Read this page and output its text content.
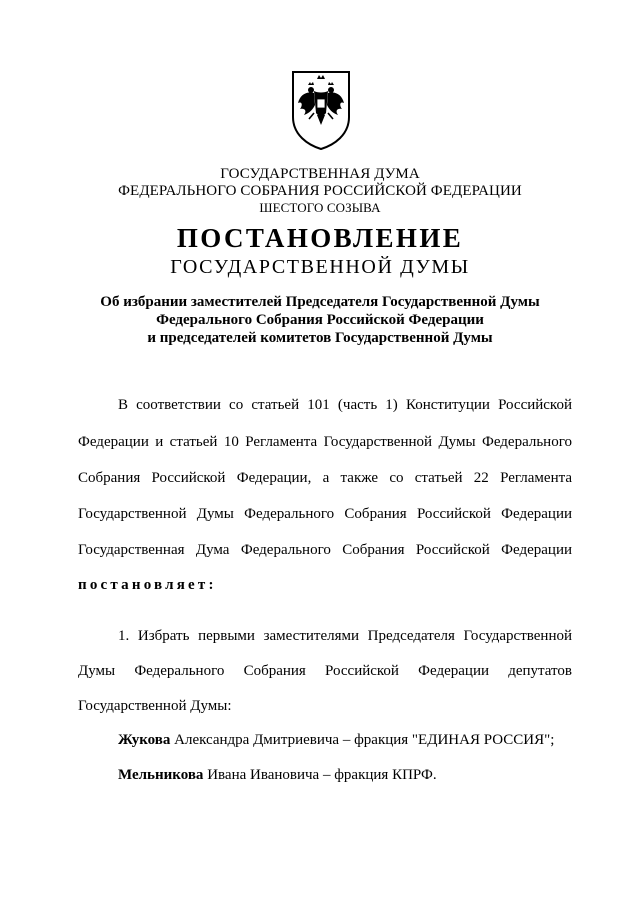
ГОСУДАРСТВЕННАЯ ДУМА
ФЕДЕРАЛЬНОГО СОБРАНИЯ РОССИЙСКОЙ ФЕДЕРАЦИИ
ШЕСТОГО СОЗЫВА
ПОСТАНОВЛЕНИЕ
ГОСУДАРСТВЕННОЙ ДУМЫ
Об избрании заместителей Председателя Государственной Думы
Федерального Собрания Российской Федерации
и председателей комитетов Государственной Думы
В соответствии со статьей 101 (часть 1) Конституции Российской
Федерации и статьей 10 Регламента Государственной Думы Федерального
Собрания Российской Федерации, а также со статьей 22 Регламента
Государственной Думы Федерального Собрания Российской Федерации
Государственная Дума Федерального Собрания Российской Федерации
постановляет:
1. Избрать первыми заместителями Председателя Государственной
Думы Федерального Собрания Российской Федерации депутатов
Государственной Думы:
Жукова Александра Дмитриевича – фракция "ЕДИНАЯ РОССИЯ";
Мельникова Ивана Ивановича – фракция КПРФ.
